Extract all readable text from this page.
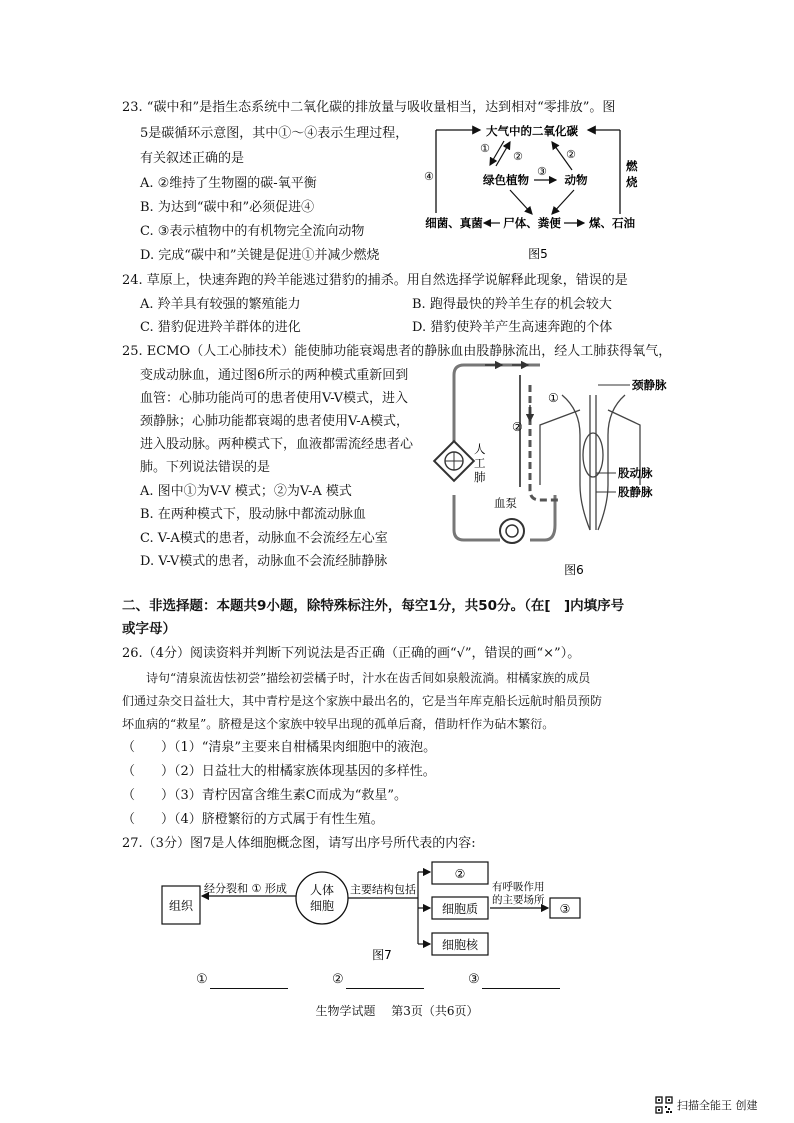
23. “碳中和”是指生态系统中二氧化碳的排放量与吸收量相当，达到相对“零排放”。图
5是碳循环示意图，其中①～④表示生理过程，
有关叙述正确的是
A. ②维持了生物圈的碳-氧平衡
B. 为达到“碳中和”必须促进④
C. ③表示植物中的有机物完全流向动物
D. 完成“碳中和”关键是促进①并减少燃烧
大气中的二氧化碳
①
②	②
绿色植物
③
动物
细菌、真菌 尸体、粪便 煤、石油
④
燃
烧
图5
24. 草原上，快速奔跑的羚羊能逃过猎豹的捕杀。用自然选择学说解释此现象，错误的是
A. 羚羊具有较强的繁殖能力	B. 跑得最快的羚羊生存的机会较大
C. 猎豹促进羚羊群体的进化	D. 猎豹使羚羊产生高速奔跑的个体
25. ECMO（人工心肺技术）能使肺功能衰竭患者的静脉血由股静脉流出，经人工肺获得氧气，
变成动脉血，通过图6所示的两种模式重新回到
血管：心肺功能尚可的患者使用V-V模式，进入
颈静脉；心肺功能都衰竭的患者使用V-A模式，
进入股动脉。两种模式下，血液都需流经患者心
肺。下列说法错误的是
A. 图中①为V-V 模式；②为V-A 模式
B. 在两种模式下，股动脉中都流动脉血
C. V-A模式的患者，动脉血不会流经左心室
D. V-V模式的患者，动脉血不会流经肺静脉
①
②
人
工
肺
血泵
颈静脉
股动脉
股静脉
图6
二、非选择题：本题共9小题，除特殊标注外，每空1分，共50分。（在[　]内填序号
或字母）
26.（4分）阅读资料并判断下列说法是否正确（正确的画“√”，错误的画“×”）。
诗句“清泉流齿怯初尝”描绘初尝橘子时，汁水在齿舌间如泉般流淌。柑橘家族的成员
们通过杂交日益壮大，其中青柠是这个家族中最出名的，它是当年库克船长远航时船员预防
坏血病的“救星”。脐橙是这个家族中较早出现的孤单后裔，借助杆作为砧木繁衍。
（　　）（1）“清泉”主要来自柑橘果肉细胞中的液泡。
（　　）（2）日益壮大的柑橘家族体现基因的多样性。
（　　）（3）青柠因富含维生素C而成为“救星”。
（　　）（4）脐橙繁衍的方式属于有性生殖。
27.（3分）图7是人体细胞概念图，请写出序号所代表的内容:
组织
经分裂和 ① 形成 人体
细胞
主要结构包括
②
细胞质
细胞核
有呼吸作用
的主要场所
③
图7
①	②	③
生物学试题　 第3页（共6页）
扫描全能王 创建
